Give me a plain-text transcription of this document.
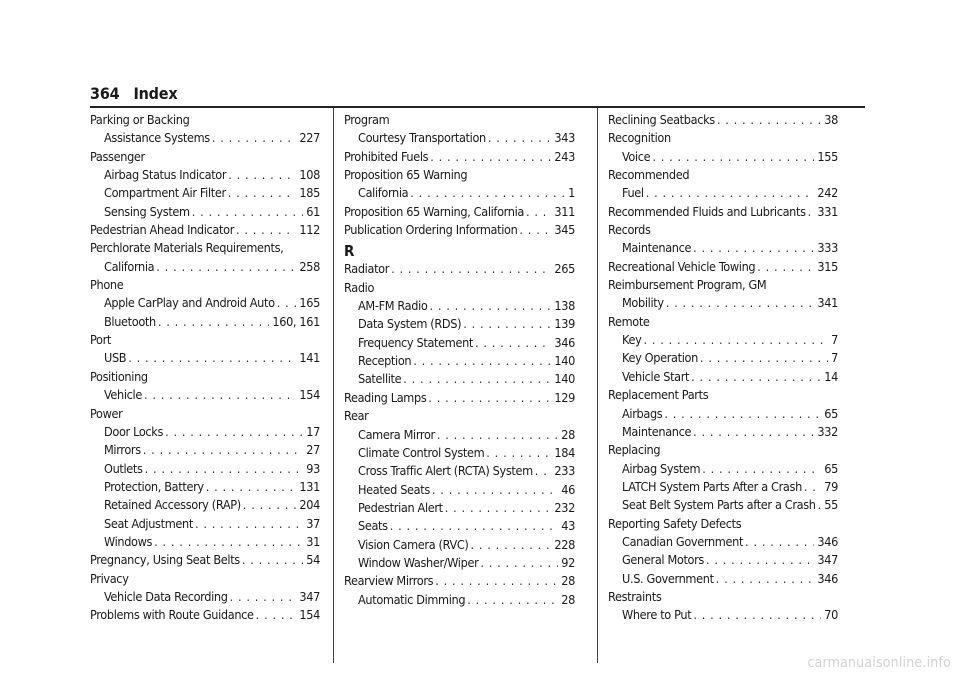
364 Index
Parking or Backing
Assistance Systems . . .	227
Passenger
Airbag Status Indicator . . .	108
Compartment Air Filter . . .	185
Sensing System . . .	61
Pedestrian Ahead Indicator . . .	112
Perchlorate Materials Requirements,
California . . .	258
Phone
Apple CarPlay and Android Auto . . . 165
Bluetooth . . .	160, 161
Port
USB . . .	141
Positioning
Vehicle . . .	154
Power
Door Locks . . .	17
Mirrors . . .	27
Outlets . . .	93
Protection, Battery . . .	131
Retained Accessory (RAP) . . .	204
Seat Adjustment . . .	37
Windows . . .	31
Pregnancy, Using Seat Belts . . .	54
Privacy
Vehicle Data Recording . . .	347
Problems with Route Guidance . . .	154
Program
Courtesy Transportation . . .	343
Prohibited Fuels . . .	243
Proposition 65 Warning
California . . .	1
Proposition 65 Warning, California . . . 311
Publication Ordering Information . . .	345
R
Radiator . . .	265
Radio
AM-FM Radio . . .	138
Data System (RDS) . . .	139
Frequency Statement . . .	346
Reception . . .	140
Satellite . . .	140
Reading Lamps . . .	129
Rear
Camera Mirror . . .	28
Climate Control System . . .	184
Cross Traffic Alert (RCTA) System . . . 233
Heated Seats . . .	46
Pedestrian Alert . . .	232
Seats . . .	43
Vision Camera (RVC) . . .	228
Window Washer/Wiper . . .	92
Rearview Mirrors . . .	28
Automatic Dimming . . .	28
Reclining Seatbacks . . .	38
Recognition
Voice . . .	155
Recommended
Fuel . . .	242
Recommended Fluids and Lubricants . . . 331
Records
Maintenance . . .	333
Recreational Vehicle Towing . . .	315
Reimbursement Program, GM
Mobility . . .	341
Remote
Key . . .	7
Key Operation . . .	7
Vehicle Start . . .	14
Replacement Parts
Airbags . . .	65
Maintenance . . .	332
Replacing
Airbag System . . .	65
LATCH System Parts After a Crash . . . 79
Seat Belt System Parts after a Crash . . . 55
Reporting Safety Defects
Canadian Government . . .	346
General Motors . . .	347
U.S. Government . . .	346
Restraints
Where to Put . . .	70
carmanualsonline.info
